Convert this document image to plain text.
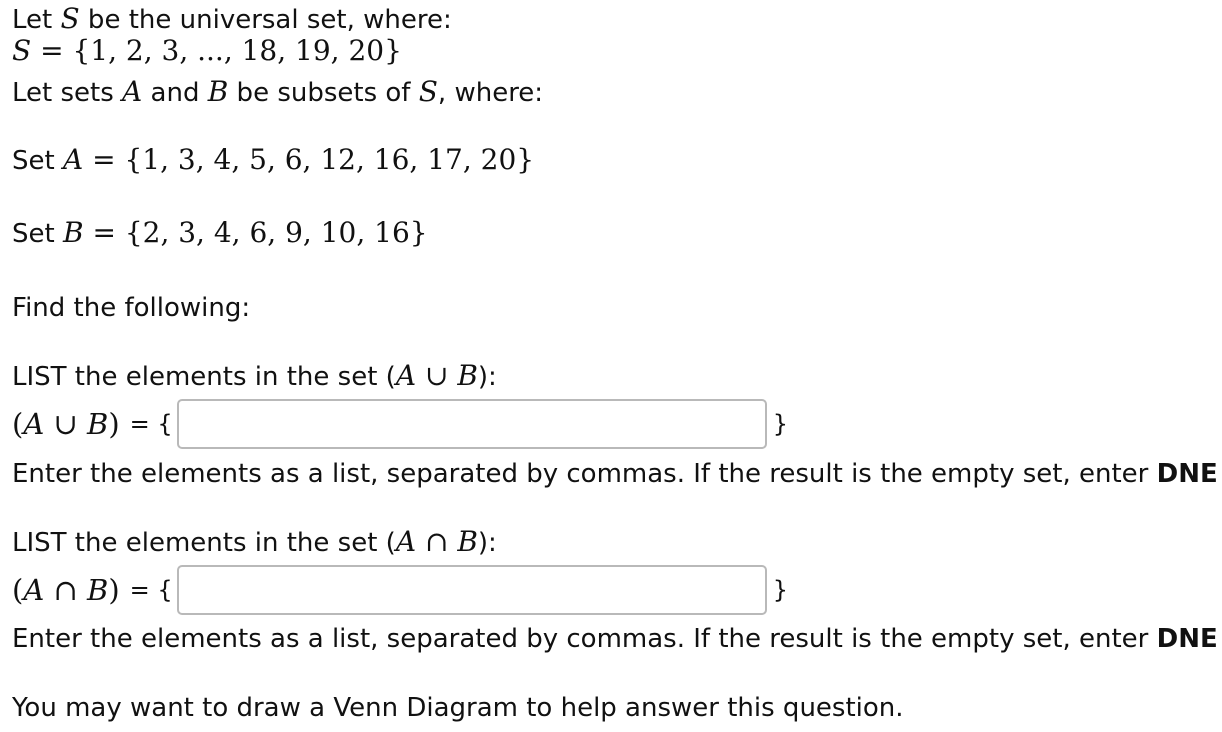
Let S be the universal set, where:
S = {1, 2, 3, ..., 18, 19, 20}
Let sets A and B be subsets of S, where:
Set A = {1, 3, 4, 5, 6, 12, 16, 17, 20}
Set B = {2, 3, 4, 6, 9, 10, 16}
Find the following:
LIST the elements in the set (A ∪ B):
(A ∪ B) = {	}
Enter the elements as a list, separated by commas. If the result is the empty set, enter DNE
LIST the elements in the set (A ∩ B):
(A ∩ B) = {	}
Enter the elements as a list, separated by commas. If the result is the empty set, enter DNE
You may want to draw a Venn Diagram to help answer this question.
